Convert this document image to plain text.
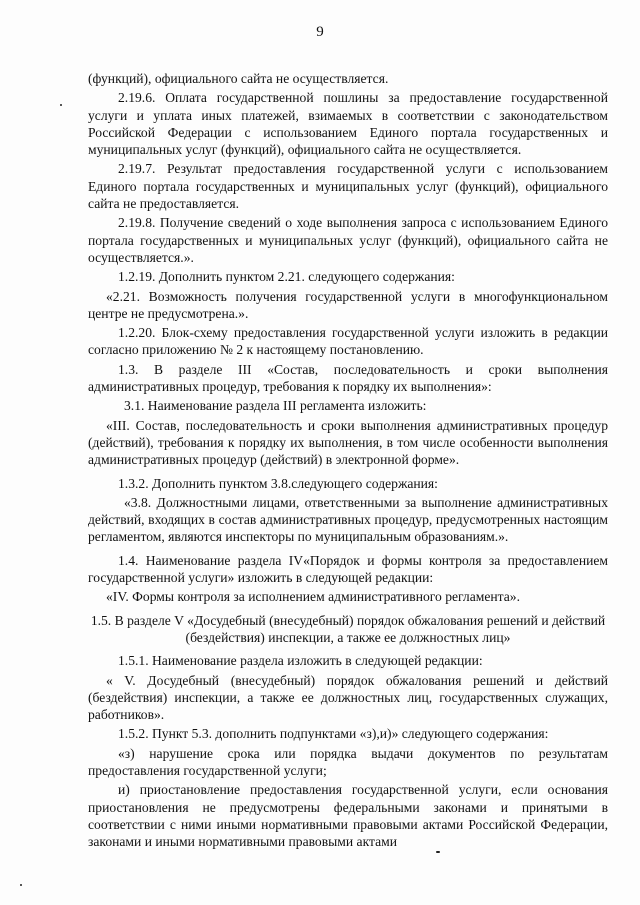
9

(функций), официального сайта не осуществляется.

2.19.6. Оплата государственной пошлины за предоставление государственной услуги и уплата иных платежей, взимаемых в соответствии с законодательством Российской Федерации с использованием Единого портала государственных и муниципальных услуг (функций), официального сайта не осуществляется.

2.19.7. Результат предоставления государственной услуги с использованием Единого портала государственных и муниципальных услуг (функций), официального сайта не предоставляется.

2.19.8. Получение сведений о ходе выполнения запроса с использованием Единого портала государственных и муниципальных услуг (функций), официального сайта не осуществляется.».

1.2.19. Дополнить пунктом 2.21. следующего содержания:

«2.21. Возможность получения государственной услуги в многофункциональном центре не предусмотрена.».

1.2.20. Блок-схему предоставления государственной услуги изложить в редакции согласно приложению № 2 к настоящему постановлению.

1.3. В разделе III «Состав, последовательность и сроки выполнения административных процедур, требования к порядку их выполнения»:

3.1. Наименование раздела III регламента изложить:

«III. Состав, последовательность и сроки выполнения административных процедур (действий), требования к порядку их выполнения, в том числе особенности выполнения административных процедур (действий) в электронной форме».

1.3.2. Дополнить пунктом 3.8.следующего содержания:

«3.8. Должностными лицами, ответственными за выполнение административных действий, входящих в состав административных процедур, предусмотренных настоящим регламентом, являются инспекторы по муниципальным образованиям.».

1.4. Наименование раздела IV«Порядок и формы контроля за предоставлением государственной услуги» изложить в следующей редакции:

«IV. Формы контроля за исполнением административного регламента».

1.5. В разделе V «Досудебный (внесудебный) порядок обжалования решений и действий (бездействия) инспекции, а также ее должностных лиц»

1.5.1. Наименование раздела изложить в следующей редакции:

« V. Досудебный (внесудебный) порядок обжалования решений и действий (бездействия) инспекции, а также ее должностных лиц, государственных служащих, работников».

1.5.2. Пункт 5.3. дополнить подпунктами «з),и)» следующего содержания:

«з) нарушение срока или порядка выдачи документов по результатам предоставления государственной услуги;

и) приостановление предоставления государственной услуги, если основания приостановления не предусмотрены федеральными законами и принятыми в соответствии с ними иными нормативными правовыми актами Российской Федерации, законами и иными нормативными правовыми актами
